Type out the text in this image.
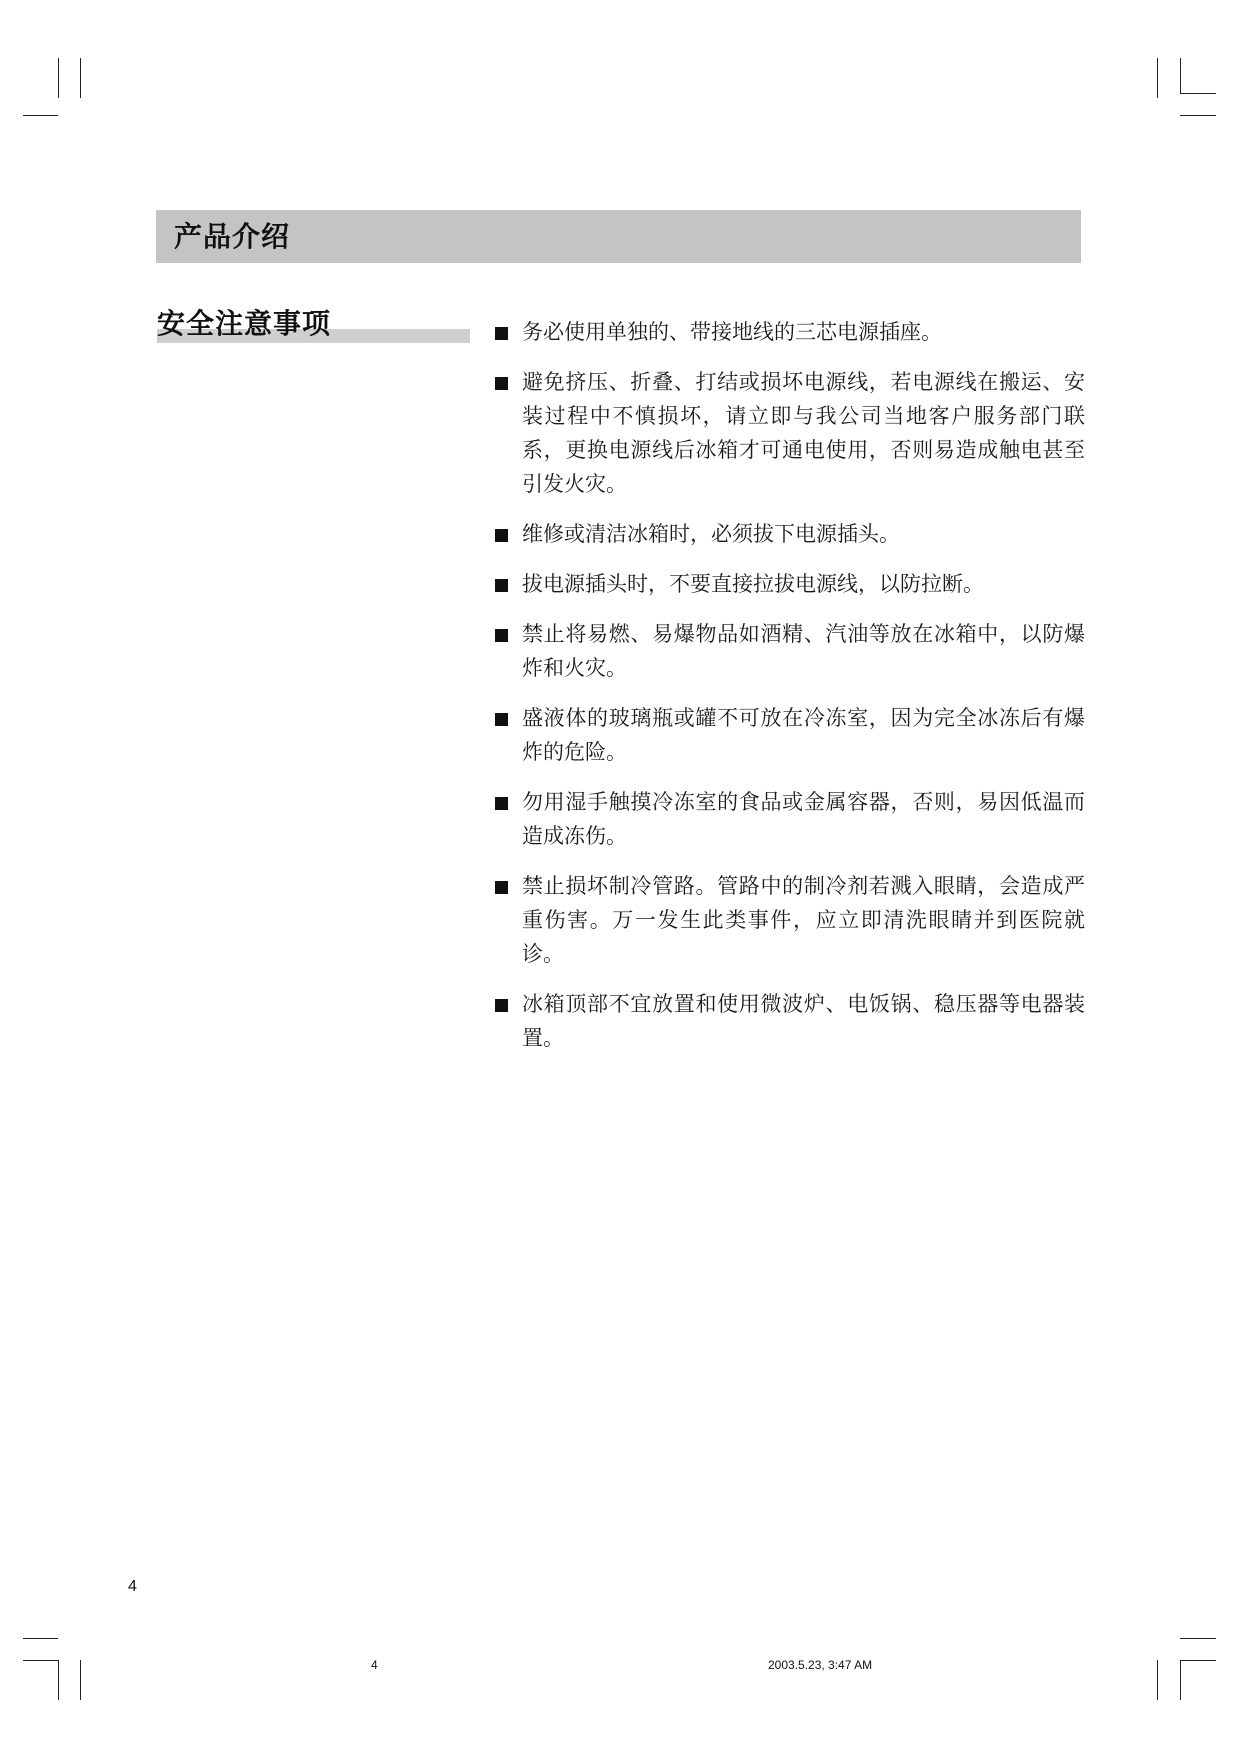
产品介绍
安全注意事项	务必使用单独的、带接地线的三芯电源插座。
避免挤压、折叠、打结或损坏电源线，若电源线在搬运、安装过程中不慎损坏，请立即与我公司当地客户服务部门联系，更换电源线后冰箱才可通电使用，否则易造成触电甚至引发火灾。
维修或清洁冰箱时，必须拔下电源插头。
拔电源插头时，不要直接拉拔电源线，以防拉断。
禁止将易燃、易爆物品如酒精、汽油等放在冰箱中，以防爆炸和火灾。
盛液体的玻璃瓶或罐不可放在冷冻室，因为完全冰冻后有爆炸的危险。
勿用湿手触摸冷冻室的食品或金属容器，否则，易因低温而造成冻伤。
禁止损坏制冷管路。管路中的制冷剂若溅入眼睛，会造成严重伤害。万一发生此类事件，应立即清洗眼睛并到医院就诊。
冰箱顶部不宜放置和使用微波炉、电饭锅、稳压器等电器装置。
4
4	2003.5.23, 3:47 AM
